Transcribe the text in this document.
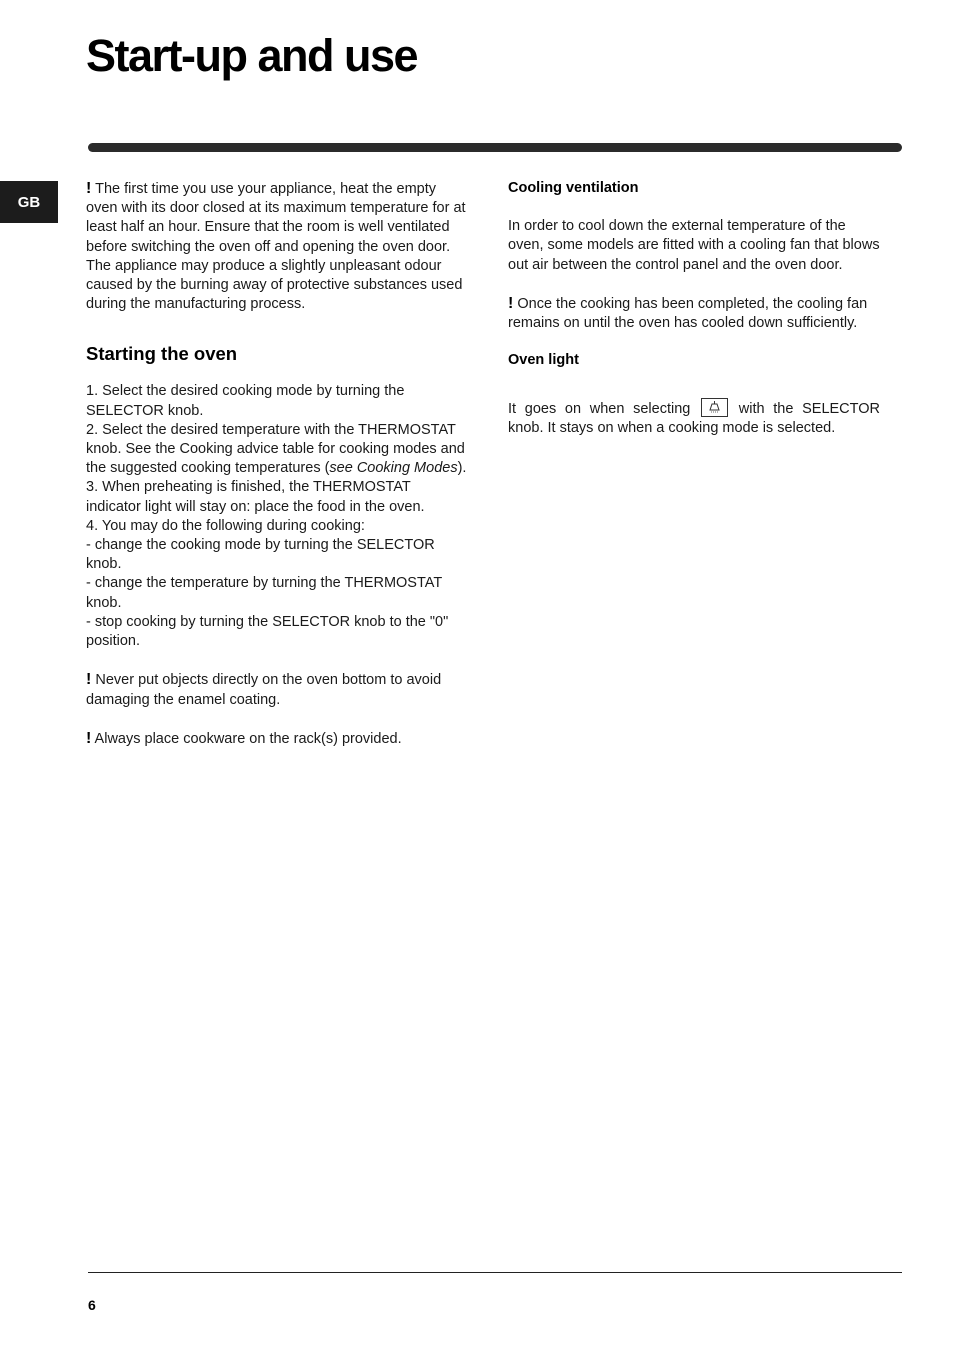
Start-up and use
GB

! The first time you use your appliance, heat the empty oven with its door closed at its maximum temperature for at least half an hour. Ensure that the room is well ventilated before switching the oven off and opening the oven door. The appliance may produce a slightly unpleasant odour caused by the burning away of protective substances used during the manufacturing process.

Starting the oven

1. Select the desired cooking mode by turning the SELECTOR knob.

2. Select the desired temperature with the THERMOSTAT knob. See the Cooking advice table for cooking modes and the suggested cooking temperatures (see Cooking Modes).

3. When preheating is finished, the THERMOSTAT indicator light will stay on: place the food in the oven.

4. You may do the following during cooking:

- change the cooking mode by turning the SELECTOR knob.

- change the temperature by turning the THERMOSTAT knob.

- stop cooking by turning the SELECTOR knob to the "0" position.

! Never put objects directly on the oven bottom to avoid damaging the enamel coating.

! Always place cookware on the rack(s) provided.

Cooling ventilation

In order to cool down the external temperature of the oven, some models are fitted with a cooling fan that blows out air between the control panel and the oven door.

! Once the cooking has been completed, the cooling fan remains on until the oven has cooled down sufficiently.

Oven light

It goes on when selecting	with the SELECTOR knob. It stays on when a cooking mode is selected.

6
